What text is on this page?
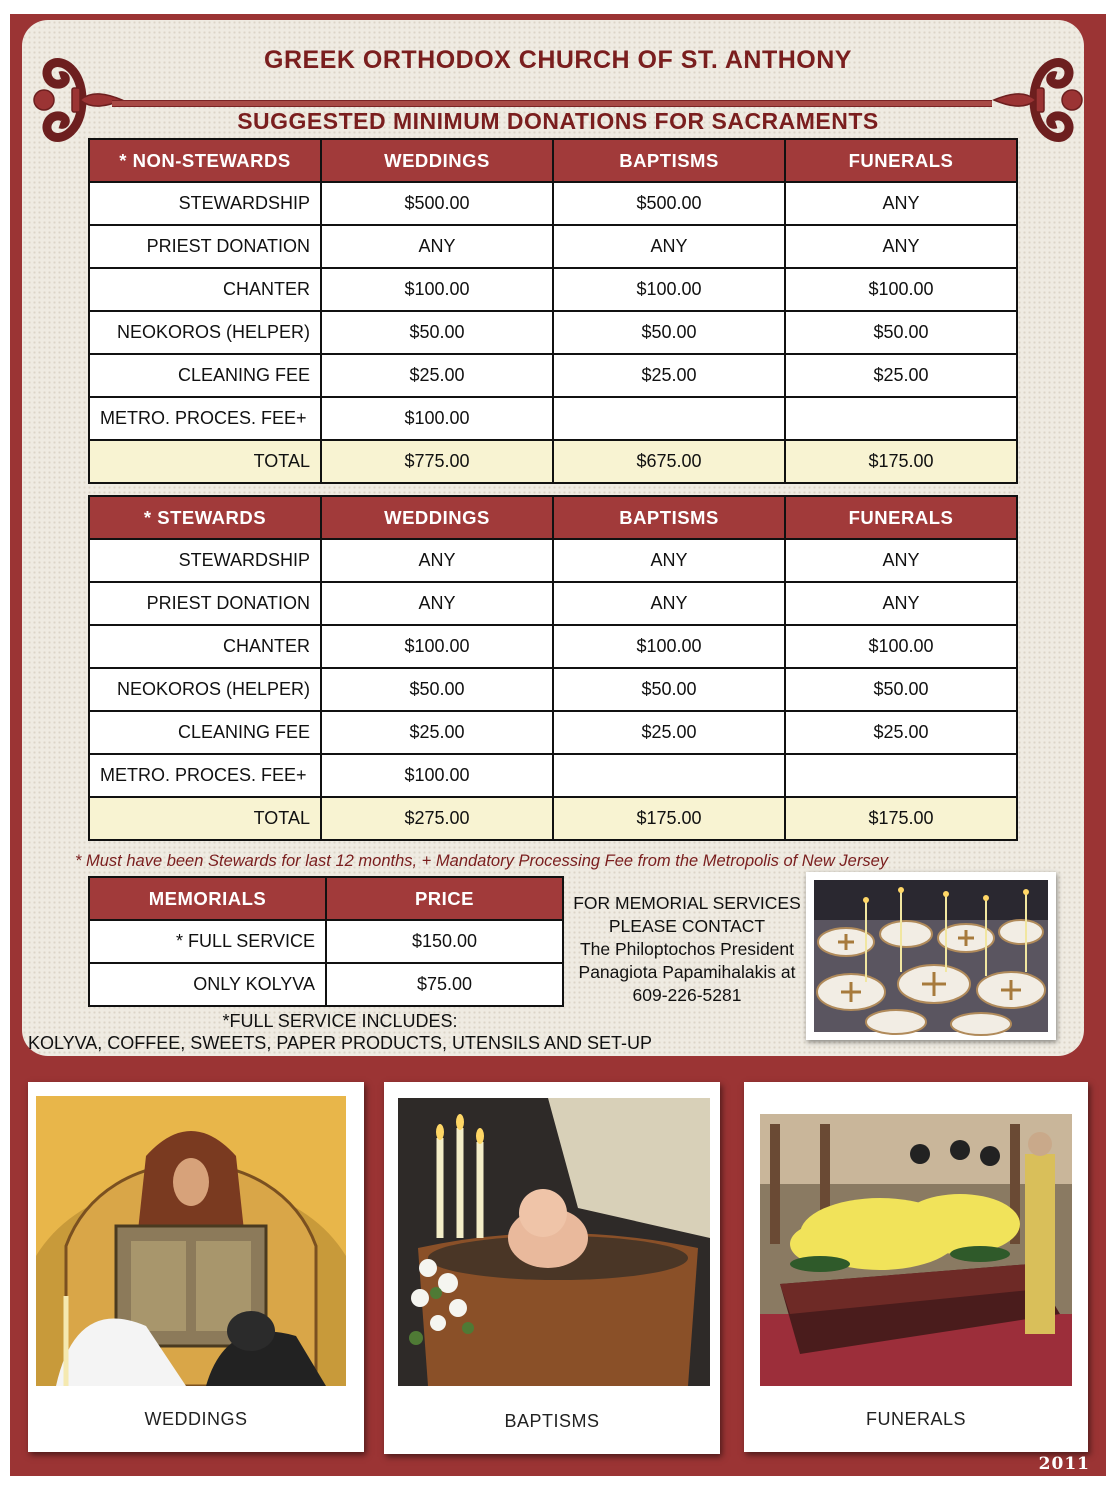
GREEK ORTHODOX CHURCH OF ST. ANTHONY
SUGGESTED MINIMUM DONATIONS FOR SACRAMENTS
* NON-STEWARDS	WEDDINGS	BAPTISMS	FUNERALS
STEWARDSHIP	$500.00	$500.00	ANY
PRIEST DONATION	ANY	ANY	ANY
CHANTER	$100.00	$100.00	$100.00
NEOKOROS (HELPER)	$50.00	$50.00	$50.00
CLEANING FEE	$25.00	$25.00	$25.00
METRO. PROCES. FEE+	$100.00		
TOTAL	$775.00	$675.00	$175.00
* STEWARDS	WEDDINGS	BAPTISMS	FUNERALS
STEWARDSHIP	ANY	ANY	ANY
PRIEST DONATION	ANY	ANY	ANY
CHANTER	$100.00	$100.00	$100.00
NEOKOROS (HELPER)	$50.00	$50.00	$50.00
CLEANING FEE	$25.00	$25.00	$25.00
METRO. PROCES. FEE+	$100.00		
TOTAL	$275.00	$175.00	$175.00

* Must have been Stewards for last 12 months, + Mandatory Processing Fee from the Metropolis of New Jersey

MEMORIALS	PRICE
* FULL SERVICE	$150.00
ONLY KOLYVA	$75.00
FOR MEMORIAL SERVICES
PLEASE CONTACT
The Philoptochos President
Panagiota Papamihalakis at
609-226-5281
*FULL SERVICE INCLUDES:
KOLYVA, COFFEE, SWEETS, PAPER PRODUCTS, UTENSILS AND SET-UP
WEDDINGS	BAPTISMS	FUNERALS
2011
